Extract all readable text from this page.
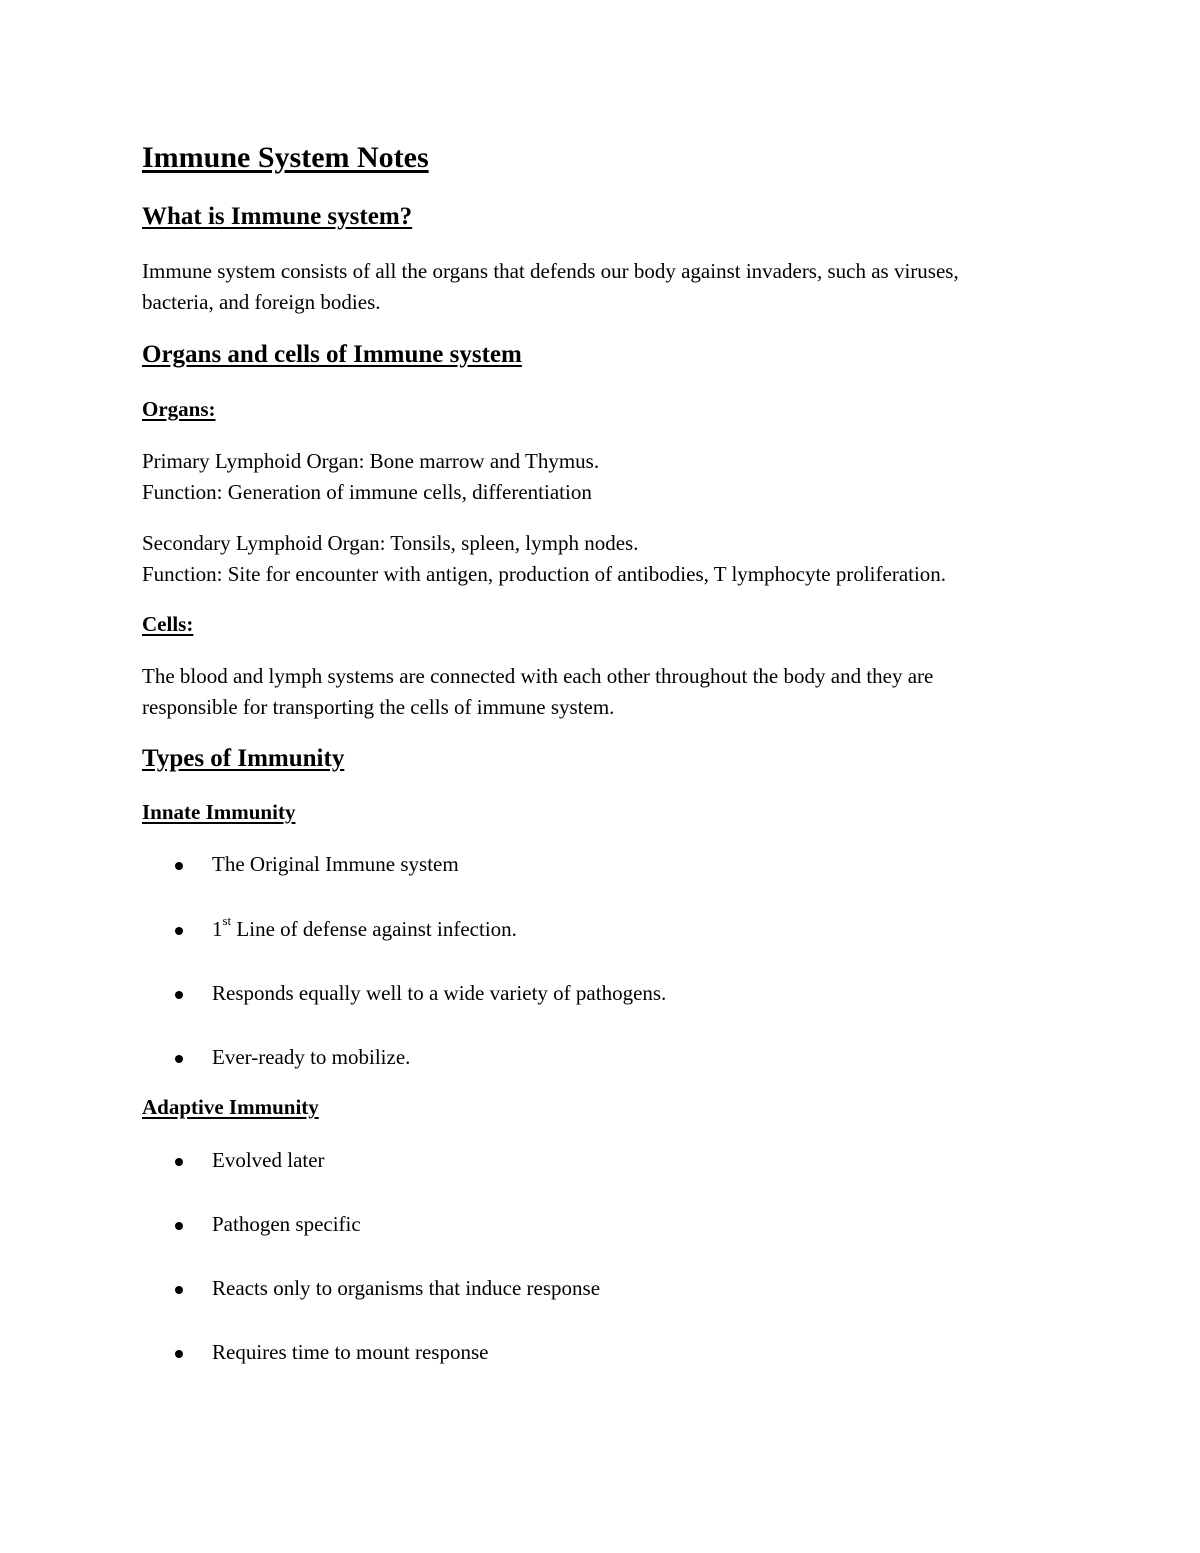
Immune System Notes
What is Immune system?

Immune system consists of all the organs that defends our body against invaders, such as viruses,

bacteria, and foreign bodies.

Organs and cells of Immune system
Organs:

Primary Lymphoid Organ: Bone marrow and Thymus.

Function: Generation of immune cells, differentiation

Secondary Lymphoid Organ: Tonsils, spleen, lymph nodes.

Function: Site for encounter with antigen, production of antibodies, T lymphocyte proliferation.

Cells:

The blood and lymph systems are connected with each other throughout the body and they are

responsible for transporting the cells of immune system.

Types of Immunity
Innate Immunity
The Original Immune system
1st Line of defense against infection.
Responds equally well to a wide variety of pathogens.
Ever-ready to mobilize.
Adaptive Immunity
Evolved later
Pathogen specific
Reacts only to organisms that induce response
Requires time to mount response
